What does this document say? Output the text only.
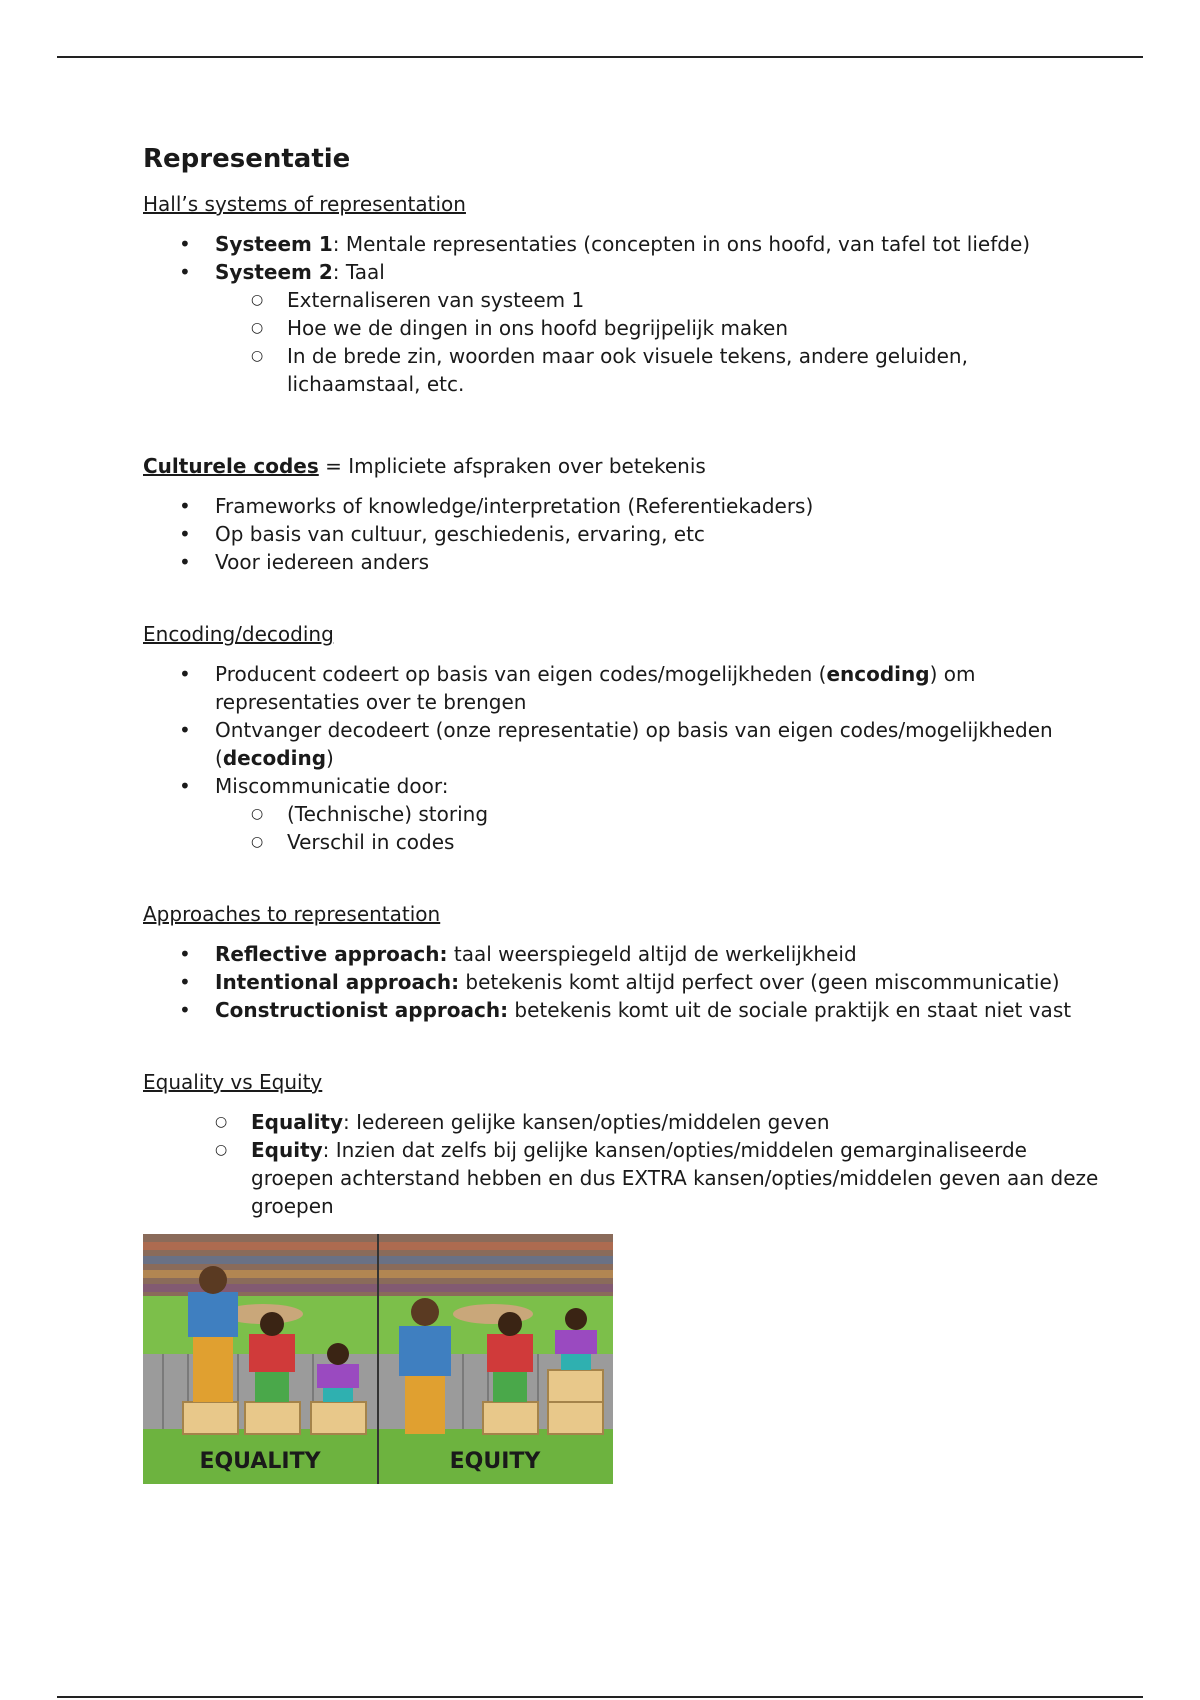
Representatie

Hall’s systems of representation

• Systeem 1: Mentale representaties (concepten in ons hoofd, van tafel tot liefde)
• Systeem 2: Taal
○ Externaliseren van systeem 1
○ Hoe we de dingen in ons hoofd begrijpelijk maken
○ In de brede zin, woorden maar ook visuele tekens, andere geluiden, lichaamstaal, etc.

Culturele codes = Impliciete afspraken over betekenis

• Frameworks of knowledge/interpretation (Referentiekaders)
• Op basis van cultuur, geschiedenis, ervaring, etc
• Voor iedereen anders

Encoding/decoding

• Producent codeert op basis van eigen codes/mogelijkheden (encoding) om representaties over te brengen
• Ontvanger decodeert (onze representatie) op basis van eigen codes/mogelijkheden (decoding)
• Miscommunicatie door:
○ (Technische) storing
○ Verschil in codes

Approaches to representation

• Reflective approach: taal weerspiegeld altijd de werkelijkheid
• Intentional approach: betekenis komt altijd perfect over (geen miscommunicatie)
• Constructionist approach: betekenis komt uit de sociale praktijk en staat niet vast

Equality vs Equity

○ Equality: Iedereen gelijke kansen/opties/middelen geven
○ Equity: Inzien dat zelfs bij gelijke kansen/opties/middelen gemarginaliseerde groepen achterstand hebben en dus EXTRA kansen/opties/middelen geven aan deze groepen
EQUALITY	EQUITY
